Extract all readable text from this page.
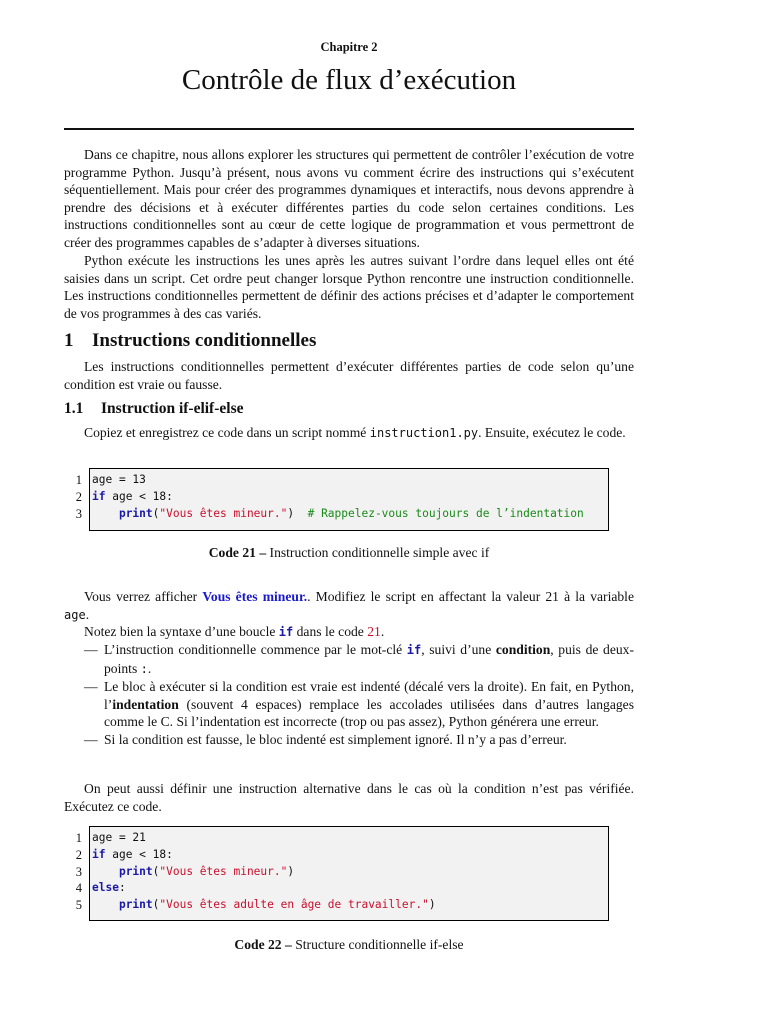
Chapitre 2
Contrôle de flux d’exécution

Dans ce chapitre, nous allons explorer les structures qui permettent de contrôler l’exécution de votre programme Python. Jusqu’à présent, nous avons vu comment écrire des instructions qui s’exécutent séquentiellement. Mais pour créer des programmes dynamiques et interactifs, nous devons apprendre à prendre des décisions et à exécuter différentes parties du code selon certaines conditions. Les instructions conditionnelles sont au cœur de cette logique de programmation et vous permettront de créer des programmes capables de s’adapter à diverses situations.

Python exécute les instructions les unes après les autres suivant l’ordre dans lequel elles ont été saisies dans un script. Cet ordre peut changer lorsque Python rencontre une instruction conditionnelle. Les instructions conditionnelles permettent de définir des actions précises et d’adapter le comportement de vos programmes à des cas variés.

1 Instructions conditionnelles

Les instructions conditionnelles permettent d’exécuter différentes parties de code selon qu’une condition est vraie ou fausse.

1.1 Instruction if-elif-else

Copiez et enregistrez ce code dans un script nommé instruction1.py. Ensuite, exécutez le code.

1
2
3
age = 13
if age < 18:
print("Vous êtes mineur.")  # Rappelez-vous toujours de l’indentation
Code 21 – Instruction conditionnelle simple avec if

Vous verrez afficher Vous êtes mineur.. Modifiez le script en affectant la valeur 21 à la variable age.

Notez bien la syntaxe d’une boucle if dans le code 21.

— L’instruction conditionnelle commence par le mot-clé if, suivi d’une condition, puis de deux-points :.
— Le bloc à exécuter si la condition est vraie est indenté (décalé vers la droite). En fait, en Python, l’indentation (souvent 4 espaces) remplace les accolades utilisées dans d’autres langages comme le C. Si l’indentation est incorrecte (trop ou pas assez), Python générera une erreur.
— Si la condition est fausse, le bloc indenté est simplement ignoré. Il n’y a pas d’erreur.

On peut aussi définir une instruction alternative dans le cas où la condition n’est pas vérifiée. Exécutez ce code.

1
2
3
4
5
age = 21
if age < 18:
print("Vous êtes mineur.")
else:
print("Vous êtes adulte en âge de travailler.")
Code 22 – Structure conditionnelle if-else
